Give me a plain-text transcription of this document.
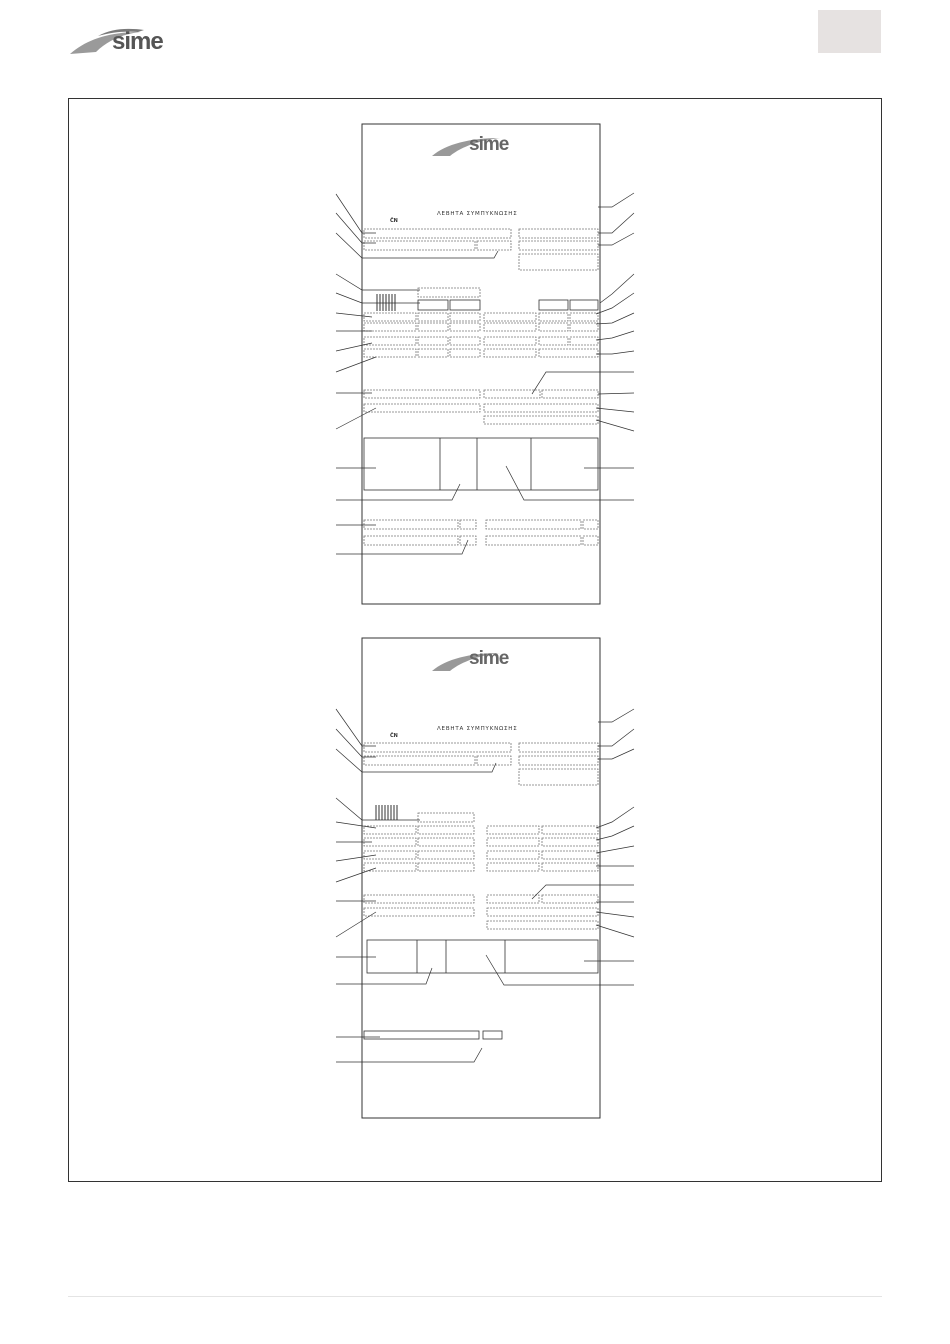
sime
sime
ΛΕΒΗΤΑ ΣΥΜΠΥΚΝΩΣΗΣ
ČN
sime
ΛΕΒΗΤΑ ΣΥΜΠΥΚΝΩΣΗΣ
ČN
